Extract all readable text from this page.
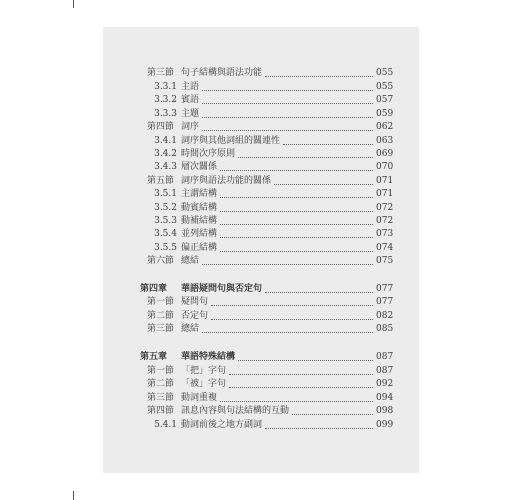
第三節 句子結構與語法功能	055
3.3.1 主語	055
3.3.2 賓語	057
3.3.3 主題	059
第四節 詞序	062
3.4.1 詞序與其他詞組的關連性	063
3.4.2 時間次序原則	069
3.4.3 層次關係	070
第五節 詞序與語法功能的關係	071
3.5.1 主謂結構	071
3.5.2 動賓結構	072
3.5.3 動補結構	072
3.5.4 並列結構	073
3.5.5 偏正結構	074
第六節 總結	075
第四章 華語疑問句與否定句	077
第一節 疑問句	077
第二節 否定句	082
第三節 總結	085
第五章 華語特殊結構	087
第一節 「把」字句	087
第二節 「被」字句	092
第三節 動詞重複	094
第四節 訊息內容與句法結構的互動	098
5.4.1 動詞前後之地方副詞	099
